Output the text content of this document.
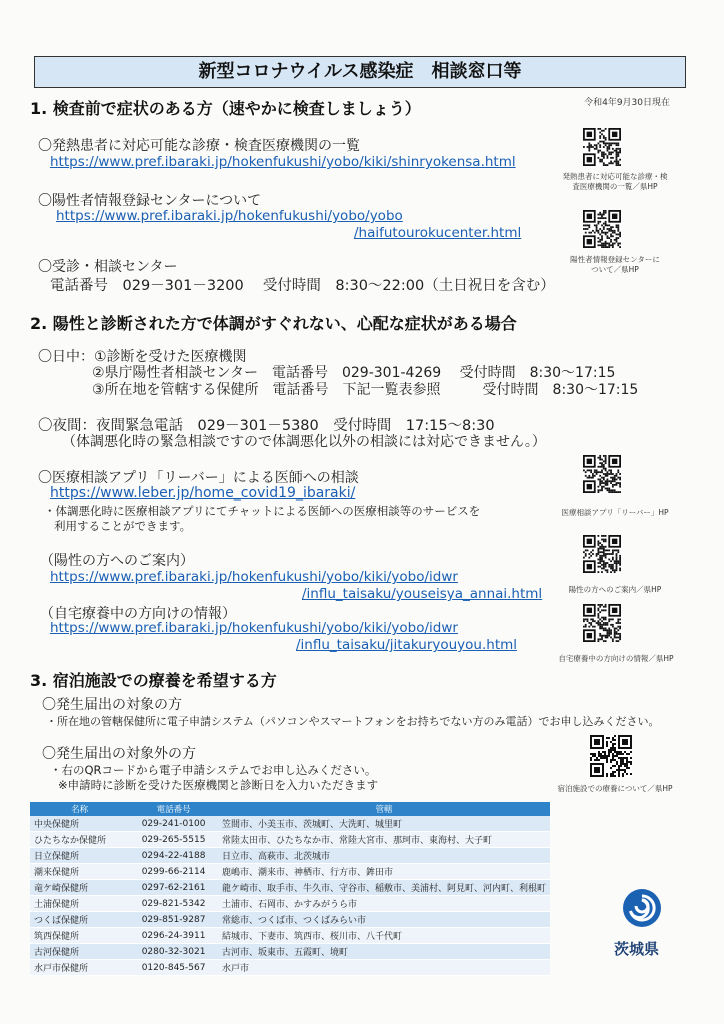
新型コロナウイルス感染症　相談窓口等
令和4年9月30日現在
1. 検査前で症状のある方（速やかに検査しましょう）
〇発熱患者に対応可能な診療・検査医療機関の一覧
https://www.pref.ibaraki.jp/hokenfukushi/yobo/kiki/shinryokensa.html
〇陽性者情報登録センターについて
https://www.pref.ibaraki.jp/hokenfukushi/yobo/yobo
/haifutourokucenter.html
〇受診・相談センター
電話番号　029－301－3200　 受付時間　8:30～22:00（土日祝日を含む）
発熱患者に対応可能な診療・検
査医療機関の一覧／県HP
陽性者情報登録センターに
ついて／県HP
2. 陽性と診断された方で体調がすぐれない、心配な症状がある場合
〇日中：①診断を受けた医療機関
②県庁陽性者相談センター　電話番号　029-301-4269　 受付時間　8:30～17:15
③所在地を管轄する保健所　電話番号　下記一覧表参照　　　受付時間　8:30～17:15
〇夜間：夜間緊急電話　029－301－5380　受付時間　17:15～8:30
（体調悪化時の緊急相談ですので体調悪化以外の相談には対応できません。）
〇医療相談アプリ「リーバー」による医師への相談
https://www.leber.jp/home_covid19_ibaraki/
・体調悪化時に医療相談アプリにてチャットによる医師への医療相談等のサービスを
利用することができます。
（陽性の方へのご案内）
https://www.pref.ibaraki.jp/hokenfukushi/yobo/kiki/yobo/idwr
/influ_taisaku/youseisya_annai.html
（自宅療養中の方向けの情報）
https://www.pref.ibaraki.jp/hokenfukushi/yobo/kiki/yobo/idwr
/influ_taisaku/jitakuryouyou.html
医療相談アプリ「リーバー」HP
陽性の方へのご案内／県HP
自宅療養中の方向けの情報／県HP
3. 宿泊施設での療養を希望する方
〇発生届出の対象の方
・所在地の管轄保健所に電子申請システム（パソコンやスマートフォンをお持ちでない方のみ電話）でお申し込みください。
〇発生届出の対象外の方
・右のQRコードから電子申請システムでお申し込みください。
※申請時に診断を受けた医療機関と診断日を入力いただきます	宿泊施設での療養について／県HP
名称	電話番号	管轄
中央保健所	029-241-0100	笠間市、小美玉市、茨城町、大洗町、城里町
ひたちなか保健所	029-265-5515	常陸太田市、ひたちなか市、常陸大宮市、那珂市、東海村、大子町
日立保健所	0294-22-4188	日立市、高萩市、北茨城市
潮来保健所	0299-66-2114	鹿嶋市、潮来市、神栖市、行方市、鉾田市
竜ケ崎保健所	0297-62-2161	龍ケ崎市、取手市、牛久市、守谷市、稲敷市、美浦村、阿見町、河内町、利根町
土浦保健所	029-821-5342	土浦市、石岡市、かすみがうら市
つくば保健所	029-851-9287	常総市、つくば市、つくばみらい市
筑西保健所	0296-24-3911	結城市、下妻市、筑西市、桜川市、八千代町
古河保健所	0280-32-3021	古河市、坂東市、五霞町、境町
水戸市保健所	0120-845-567	水戸市
茨城県
